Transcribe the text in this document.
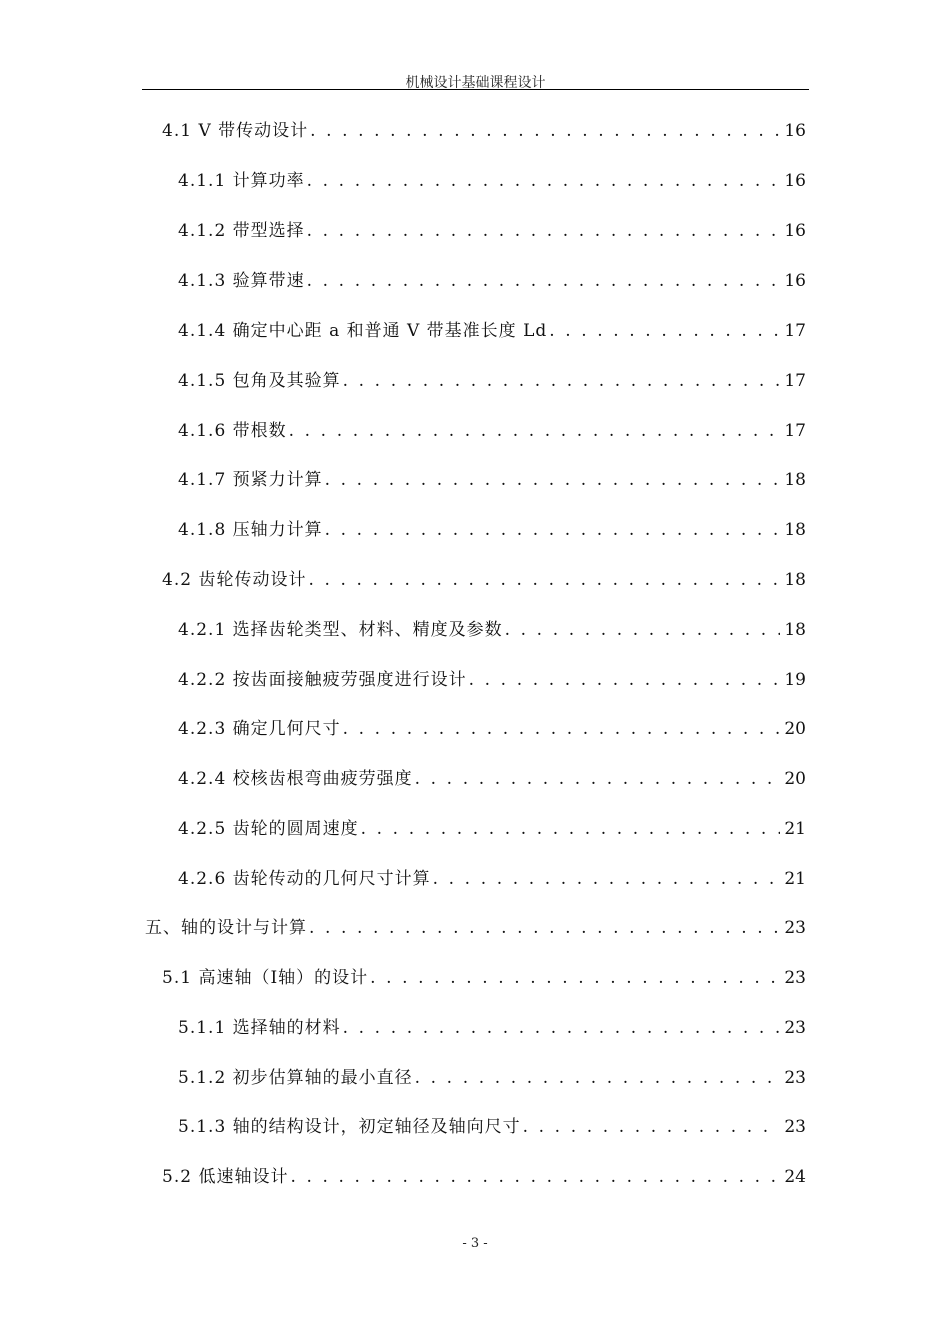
机械设计基础课程设计
4.1 V 带传动设计 . . .	16
4.1.1 计算功率 . . .	16
4.1.2 带型选择 . . .	16
4.1.3 验算带速 . . .	16
4.1.4 确定中心距 a 和普通 V 带基准长度 Ld . . .	17
4.1.5 包角及其验算 . . .	17
4.1.6 带根数 . . .	17
4.1.7 预紧力计算 . . .	18
4.1.8 压轴力计算 . . .	18
4.2 齿轮传动设计 . . .	18
4.2.1 选择齿轮类型、材料、精度及参数 . . .	18
4.2.2 按齿面接触疲劳强度进行设计 . . .	19
4.2.3 确定几何尺寸 . . .	20
4.2.4 校核齿根弯曲疲劳强度 . . .	20
4.2.5 齿轮的圆周速度 . . .	21
4.2.6 齿轮传动的几何尺寸计算 . . .	21
五、轴的设计与计算 . . .	23
5.1 高速轴（Ⅰ轴）的设计 . . .	23
5.1.1 选择轴的材料 . . .	23
5.1.2 初步估算轴的最小直径 . . .	23
5.1.3 轴的结构设计，初定轴径及轴向尺寸 . . .	23
5.2 低速轴设计 . . .	24
- 3 -
